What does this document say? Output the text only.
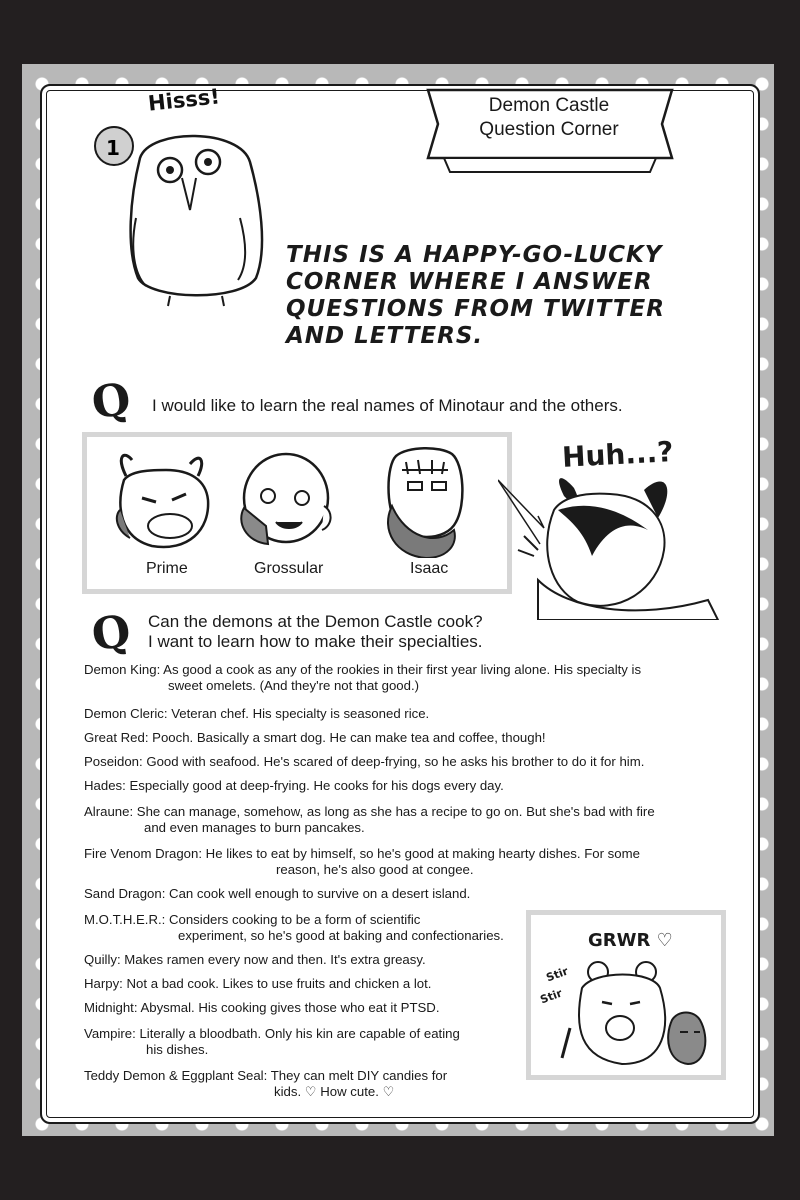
Demon Castle
Question Corner
1
Hisss!
THIS IS A HAPPY-GO-LUCKY CORNER WHERE I ANSWER QUESTIONS FROM TWITTER AND LETTERS.
Q I would like to learn the real names of Minotaur and the others.
Prime	Grossular	Isaac
Huh...?
Q Can the demons at the Demon Castle cook?
I want to learn how to make their specialties.
Demon King: As good a cook as any of the rookies in their first year living alone. His specialty is
sweet omelets. (And they're not that good.)
Demon Cleric: Veteran chef. His specialty is seasoned rice.
Great Red: Pooch. Basically a smart dog. He can make tea and coffee, though!
Poseidon: Good with seafood. He's scared of deep-frying, so he asks his brother to do it for him.
Hades: Especially good at deep-frying. He cooks for his dogs every day.
Alraune: She can manage, somehow, as long as she has a recipe to go on. But she's bad with fire
and even manages to burn pancakes.
Fire Venom Dragon: He likes to eat by himself, so he's good at making hearty dishes. For some
reason, he's also good at congee.
Sand Dragon: Can cook well enough to survive on a desert island.
M.O.T.H.E.R.: Considers cooking to be a form of scientific
experiment, so he's good at baking and confectionaries.
Quilly: Makes ramen every now and then. It's extra greasy.
Harpy: Not a bad cook. Likes to use fruits and chicken a lot.
Midnight: Abysmal. His cooking gives those who eat it PTSD.
Vampire: Literally a bloodbath. Only his kin are capable of eating
his dishes.
Teddy Demon & Eggplant Seal: They can melt DIY candies for
kids. ♡ How cute. ♡
GRWR ♡
Stir
Stir
